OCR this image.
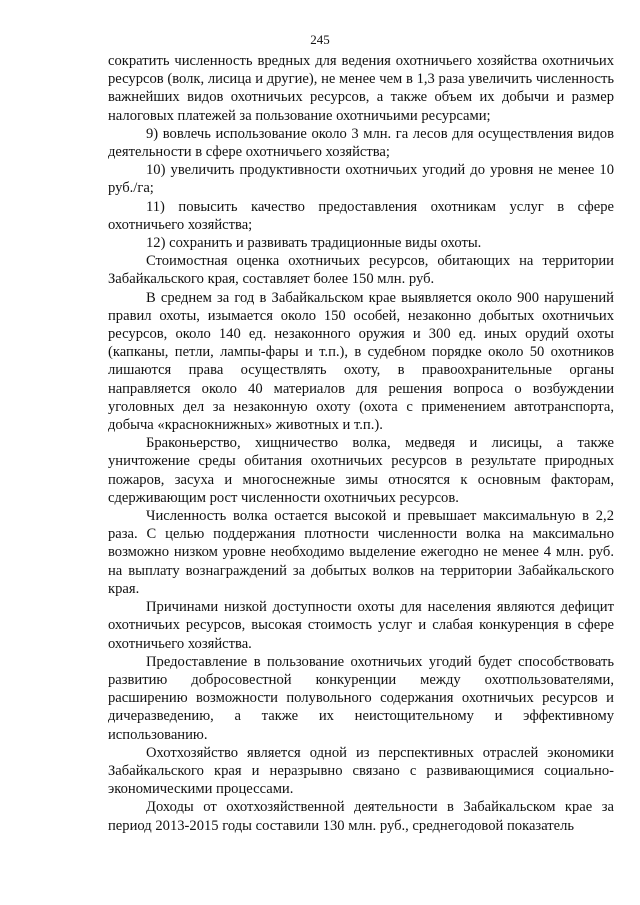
245

сократить численность вредных для ведения охотничьего хозяйства охотничьих ресурсов (волк, лисица и другие), не менее чем в 1,3 раза увеличить численность важнейших видов охотничьих ресурсов, а также объем их добычи и размер налоговых платежей за пользование охотничьими ресурсами;

9) вовлечь использование около 3 млн. га лесов для осуществления видов деятельности в сфере охотничьего хозяйства;

10) увеличить продуктивности охотничьих угодий до уровня не менее 10 руб./га;

11) повысить качество предоставления охотникам услуг в сфере охотничьего хозяйства;

12) сохранить и развивать традиционные виды охоты.

Стоимостная оценка охотничьих ресурсов, обитающих на территории Забайкальского края, составляет более 150 млн. руб.

В среднем за год в Забайкальском крае выявляется около 900 нарушений правил охоты, изымается около 150 особей, незаконно добытых охотничьих ресурсов, около 140 ед. незаконного оружия и 300 ед. иных орудий охоты (капканы, петли, лампы-фары и т.п.), в судебном порядке около 50 охотников лишаются права осуществлять охоту, в правоохранительные органы направляется около 40 материалов для решения вопроса о возбуждении уголовных дел за незаконную охоту (охота с применением автотранспорта, добыча «краснокнижных» животных и т.п.).

Браконьерство, хищничество волка, медведя и лисицы, а также уничтожение среды обитания охотничьих ресурсов в результате природных пожаров, засуха и многоснежные зимы относятся к основным факторам, сдерживающим рост численности охотничьих ресурсов.

Численность волка остается высокой и превышает максимальную в 2,2 раза. С целью поддержания плотности численности волка на максимально возможно низком уровне необходимо выделение ежегодно не менее 4 млн. руб. на выплату вознаграждений за добытых волков на территории Забайкальского края.

Причинами низкой доступности охоты для населения являются дефицит охотничьих ресурсов, высокая стоимость услуг и слабая конкуренция в сфере охотничьего хозяйства.

Предоставление в пользование охотничьих угодий будет способствовать развитию добросовестной конкуренции между охотпользователями, расширению возможности полувольного содержания охотничьих ресурсов и дичеразведению, а также их неистощительному и эффективному использованию.

Охотхозяйство является одной из перспективных отраслей экономики Забайкальского края и неразрывно связано с развивающимися социально-экономическими процессами.

Доходы от охотхозяйственной деятельности в Забайкальском крае за период 2013-2015 годы составили 130 млн. руб., среднегодовой показатель
